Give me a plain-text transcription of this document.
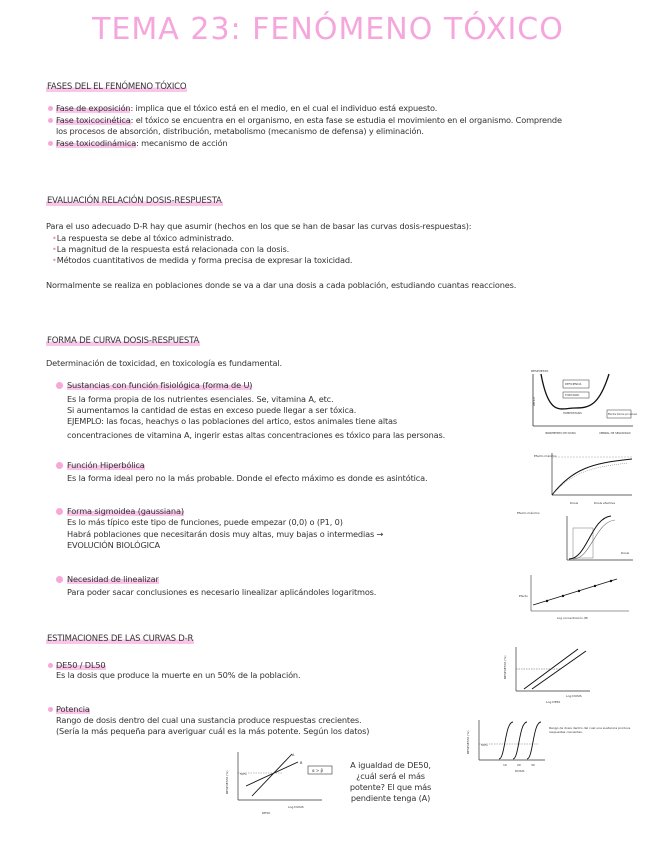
TEMA 23: FENÓMENO TÓXICO
FASES DEL EL FENÓMENO TÓXICO
Fase de exposición: implica que el tóxico está en el medio, en el cual el individuo está expuesto.
Fase toxicocinética: el tóxico se encuentra en el organismo, en esta fase se estudia el movimiento en el organismo. Comprende
los procesos de absorción, distribución, metabolismo (mecanismo de defensa) y eliminación.
Fase toxicodinámica: mecanismo de acción
EVALUACIÓN RELACIÓN DOSIS-RESPUESTA
Para el uso adecuado D-R hay que asumir (hechos en los que se han de basar las curvas dosis-respuestas):
•La respuesta se debe al tóxico administrado.
•La magnitud de la respuesta está relacionada con la dosis.
•Métodos cuantitativos de medida y forma precisa de expresar la toxicidad.
Normalmente se realiza en poblaciones donde se va a dar una dosis a cada población, estudiando cuantas reacciones.
FORMA DE CURVA DOSIS-RESPUESTA
Determinación de toxicidad, en toxicología es fundamental.
Sustancias con función fisiológica (forma de U)
Es la forma propia de los nutrientes esenciales. Se, vitamina A, etc.
Si aumentamos la cantidad de estas en exceso puede llegar a ser tóxica.
EJEMPLO: las focas, heachys o las poblaciones del artico, estos animales tiene altas
concentraciones de vitamina A, ingerir estas altas concentraciones es tóxico para las personas.
Función Hiperbólica
Es la forma ideal pero no la más probable. Donde el efecto máximo es donde es asintótica.
Forma sigmoidea (gaussiana)
Es lo más típico este tipo de funciones, puede empezar (0,0) o (P1, 0)
Habrá poblaciones que necesitarán dosis muy altas, muy bajas o intermedias →
EVOLUCIÓN BIOLÓGICA
Necesidad de linealizar
Para poder sacar conclusiones es necesario linealizar aplicándoles logaritmos.
ESTIMACIONES DE LAS CURVAS D-R
DE50 / DL50
Es la dosis que produce la muerte en un 50% de la población.
Potencia
Rango de dosis dentro del cual una sustancia produce respuestas crecientes.
(Sería la más pequeña para averiguar cuál es la más potente. Según los datos)
A igualdad de DE50,
¿cuál será el más
potente? El que más
pendiente tenga (A)
RESPUESTA
DEFICIENCIA
TOXICIDAD
HOMEOSTASIS
DEFICIT
Efectos tóxicos por exceso
INCREMENTO DE DOSIS	UMBRAL DE SEGURIDAD
Efecto máximo
Dosis	Dosis efectiva
Efecto máximo
Dosis
Efecto
Log concentración (M)
RESPUESTA (%)
Log DOSIS
Log DE50
RESPUESTA (%)	50%
10	20	30
DOSIS
Rango de dosis dentro del cual una sustancia produce respuestas crecientes.
RESPUESTA (%)	50%
A
B
α > β
Log DOSIS
DE50
